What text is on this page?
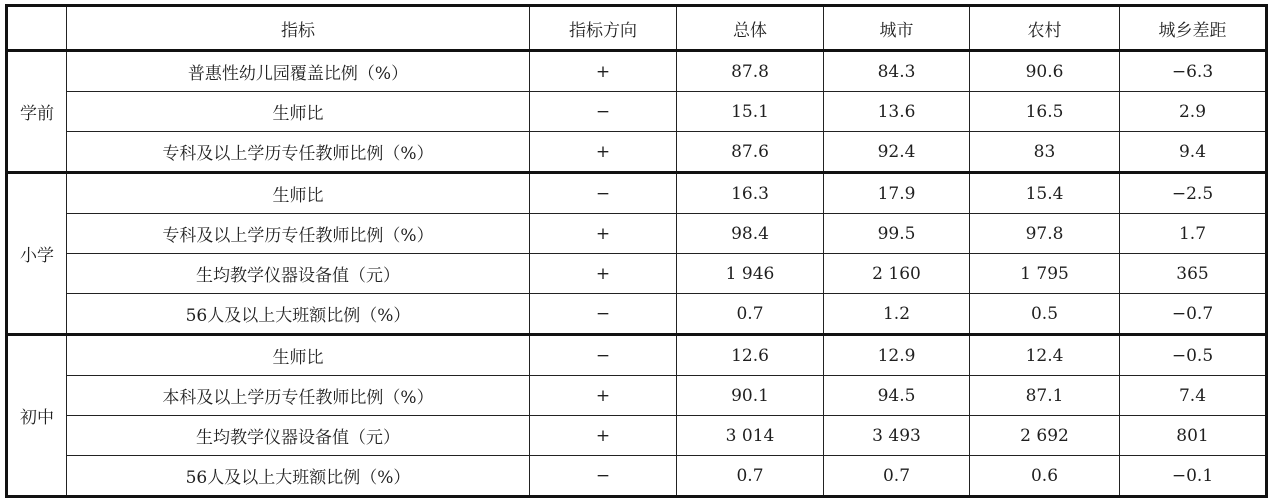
	指标	指标方向	总体	城市	农村	城乡差距
学前	普惠性幼儿园覆盖比例（%）	+	87.8	84.3	90.6	−6.3
	生师比	−	15.1	13.6	16.5	2.9
	专科及以上学历专任教师比例（%）	+	87.6	92.4	83	9.4
小学	生师比	−	16.3	17.9	15.4	−2.5
	专科及以上学历专任教师比例（%）	+	98.4	99.5	97.8	1.7
	生均教学仪器设备值（元）	+	1 946	2 160	1 795	365
	56人及以上大班额比例（%）	−	0.7	1.2	0.5	−0.7
初中	生师比	−	12.6	12.9	12.4	−0.5
	本科及以上学历专任教师比例（%）	+	90.1	94.5	87.1	7.4
	生均教学仪器设备值（元）	+	3 014	3 493	2 692	801
	56人及以上大班额比例（%）	−	0.7	0.7	0.6	−0.1
